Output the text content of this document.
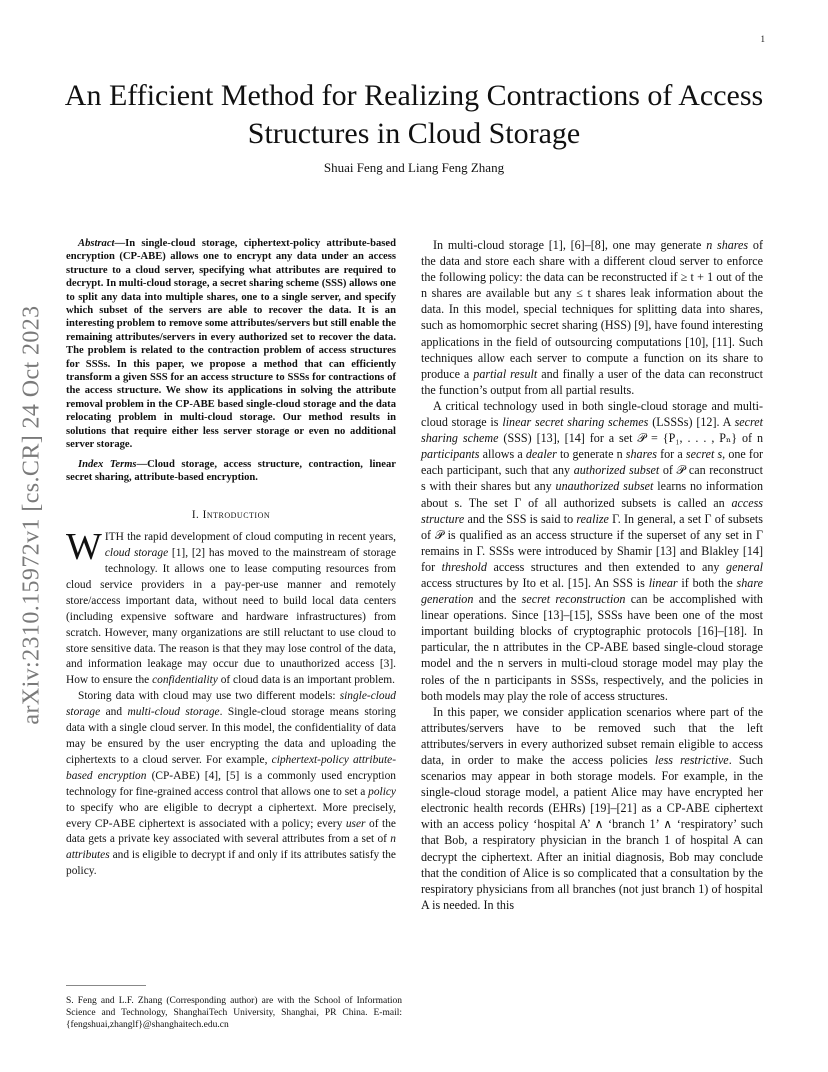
1
arXiv:2310.15972v1 [cs.CR] 24 Oct 2023
An Efficient Method for Realizing Contractions of Access Structures in Cloud Storage
Shuai Feng and Liang Feng Zhang

Abstract—In single-cloud storage, ciphertext-policy attribute-based encryption (CP-ABE) allows one to encrypt any data under an access structure to a cloud server, specifying what attributes are required to decrypt. In multi-cloud storage, a secret sharing scheme (SSS) allows one to split any data into multiple shares, one to a single server, and specify which subset of the servers are able to recover the data. It is an interesting problem to remove some attributes/servers but still enable the remaining attributes/servers in every authorized set to recover the data. The problem is related to the contraction problem of access structures for SSSs. In this paper, we propose a method that can efficiently transform a given SSS for an access structure to SSSs for contractions of the access structure. We show its applications in solving the attribute removal problem in the CP-ABE based single-cloud storage and the data relocating problem in multi-cloud storage. Our method results in solutions that require either less server storage or even no additional server storage.

Index Terms—Cloud storage, access structure, contraction, linear secret sharing, attribute-based encryption.

I. Introduction

WITH the rapid development of cloud computing in recent years, cloud storage [1], [2] has moved to the mainstream of storage technology. It allows one to lease computing resources from cloud service providers in a pay-per-use manner and remotely store/access important data, without need to build local data centers (including expensive software and hardware infrastructures) from scratch. However, many organizations are still reluctant to use cloud to store sensitive data. The reason is that they may lose control of the data, and information leakage may occur due to unauthorized access [3]. How to ensure the confidentiality of cloud data is an important problem.

Storing data with cloud may use two different models: single-cloud storage and multi-cloud storage. Single-cloud storage means storing data with a single cloud server. In this model, the confidentiality of data may be ensured by the user encrypting the data and uploading the ciphertexts to a cloud server. For example, ciphertext-policy attribute-based encryption (CP-ABE) [4], [5] is a commonly used encryption technology for fine-grained access control that allows one to set a policy to specify who are eligible to decrypt a ciphertext. More precisely, every CP-ABE ciphertext is associated with a policy; every user of the data gets a private key associated with several attributes from a set of n attributes and is eligible to decrypt if and only if its attributes satisfy the policy.

S. Feng and L.F. Zhang (Corresponding author) are with the School of Information Science and Technology, ShanghaiTech University, Shanghai, PR China. E-mail: {fengshuai,zhanglf}@shanghaitech.edu.cn

In multi-cloud storage [1], [6]–[8], one may generate n shares of the data and store each share with a different cloud server to enforce the following policy: the data can be reconstructed if ≥ t + 1 out of the n shares are available but any ≤ t shares leak information about the data. In this model, special techniques for splitting data into shares, such as homomorphic secret sharing (HSS) [9], have found interesting applications in the field of outsourcing computations [10], [11]. Such techniques allow each server to compute a function on its share to produce a partial result and finally a user of the data can reconstruct the function’s output from all partial results.

A critical technology used in both single-cloud storage and multi-cloud storage is linear secret sharing schemes (LSSSs) [12]. A secret sharing scheme (SSS) [13], [14] for a set 𝒫 = {P₁, . . . , Pₙ} of n participants allows a dealer to generate n shares for a secret s, one for each participant, such that any authorized subset of 𝒫 can reconstruct s with their shares but any unauthorized subset learns no information about s. The set Γ of all authorized subsets is called an access structure and the SSS is said to realize Γ. In general, a set Γ of subsets of 𝒫 is qualified as an access structure if the superset of any set in Γ remains in Γ. SSSs were introduced by Shamir [13] and Blakley [14] for threshold access structures and then extended to any general access structures by Ito et al. [15]. An SSS is linear if both the share generation and the secret reconstruction can be accomplished with linear operations. Since [13]–[15], SSSs have been one of the most important building blocks of cryptographic protocols [16]–[18]. In particular, the n attributes in the CP-ABE based single-cloud storage model and the n servers in multi-cloud storage model may play the roles of the n participants in SSSs, respectively, and the policies in both models may play the role of access structures.

In this paper, we consider application scenarios where part of the attributes/servers have to be removed such that the left attributes/servers in every authorized subset remain eligible to access data, in order to make the access policies less restrictive. Such scenarios may appear in both storage models. For example, in the single-cloud storage model, a patient Alice may have encrypted her electronic health records (EHRs) [19]–[21] as a CP-ABE ciphertext with an access policy ‘hospital A’ ∧ ‘branch 1’ ∧ ‘respiratory’ such that Bob, a respiratory physician in the branch 1 of hospital A can decrypt the ciphertext. After an initial diagnosis, Bob may conclude that the condition of Alice is so complicated that a consultation by the respiratory physicians from all branches (not just branch 1) of hospital A is needed. In this
